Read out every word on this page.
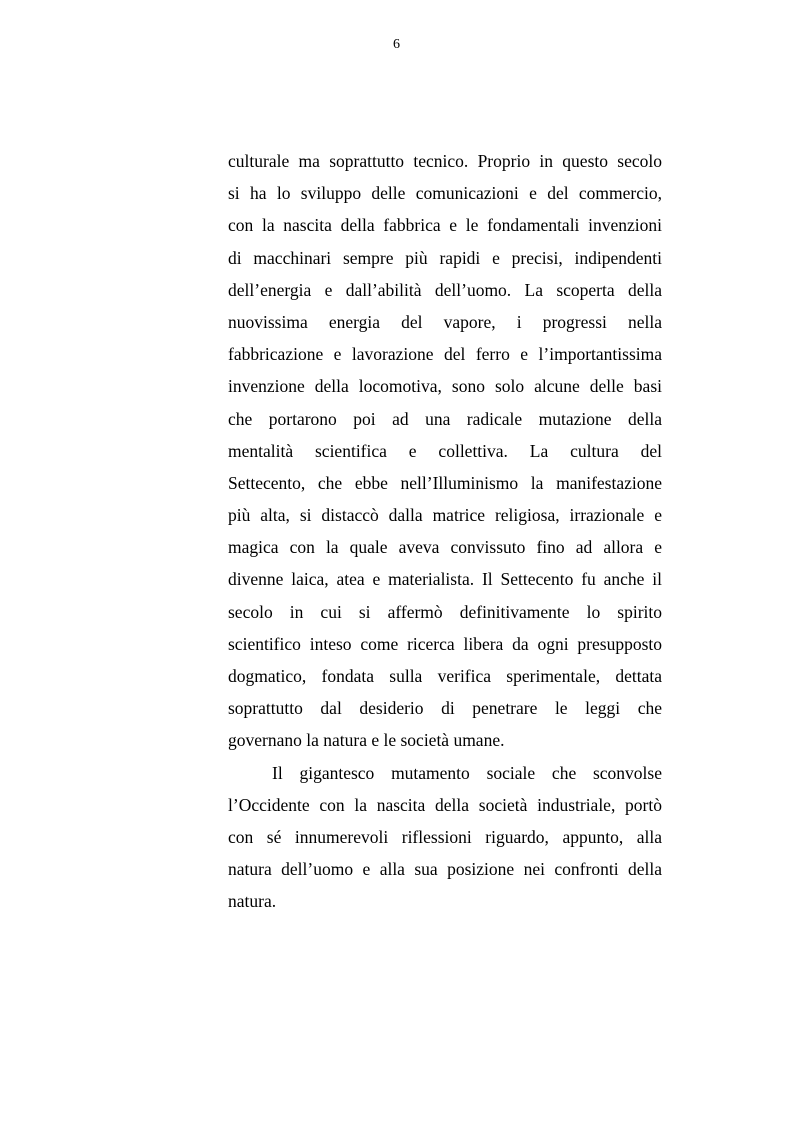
6
culturale ma soprattutto tecnico. Proprio in questo secolo
si ha lo sviluppo delle comunicazioni e del commercio,
con la nascita della fabbrica e le fondamentali invenzioni
di macchinari sempre più rapidi e precisi, indipendenti
dell’energia e dall’abilità dell’uomo. La scoperta della
nuovissima energia del vapore, i progressi nella
fabbricazione e lavorazione del ferro e l’importantissima
invenzione della locomotiva, sono solo alcune delle basi
che portarono poi ad una radicale mutazione della
mentalità scientifica e collettiva. La cultura del
Settecento, che ebbe nell’Illuminismo la manifestazione
più alta, si distaccò dalla matrice religiosa, irrazionale e
magica con la quale aveva convissuto fino ad allora e
divenne laica, atea e materialista. Il Settecento fu anche il
secolo in cui si affermò definitivamente lo spirito
scientifico inteso come ricerca libera da ogni presupposto
dogmatico, fondata sulla verifica sperimentale, dettata
soprattutto dal desiderio di penetrare le leggi che
governano la natura e le società umane.
Il gigantesco mutamento sociale che sconvolse
l’Occidente con la nascita della società industriale, portò
con sé innumerevoli riflessioni riguardo, appunto, alla
natura dell’uomo e alla sua posizione nei confronti della
natura.
